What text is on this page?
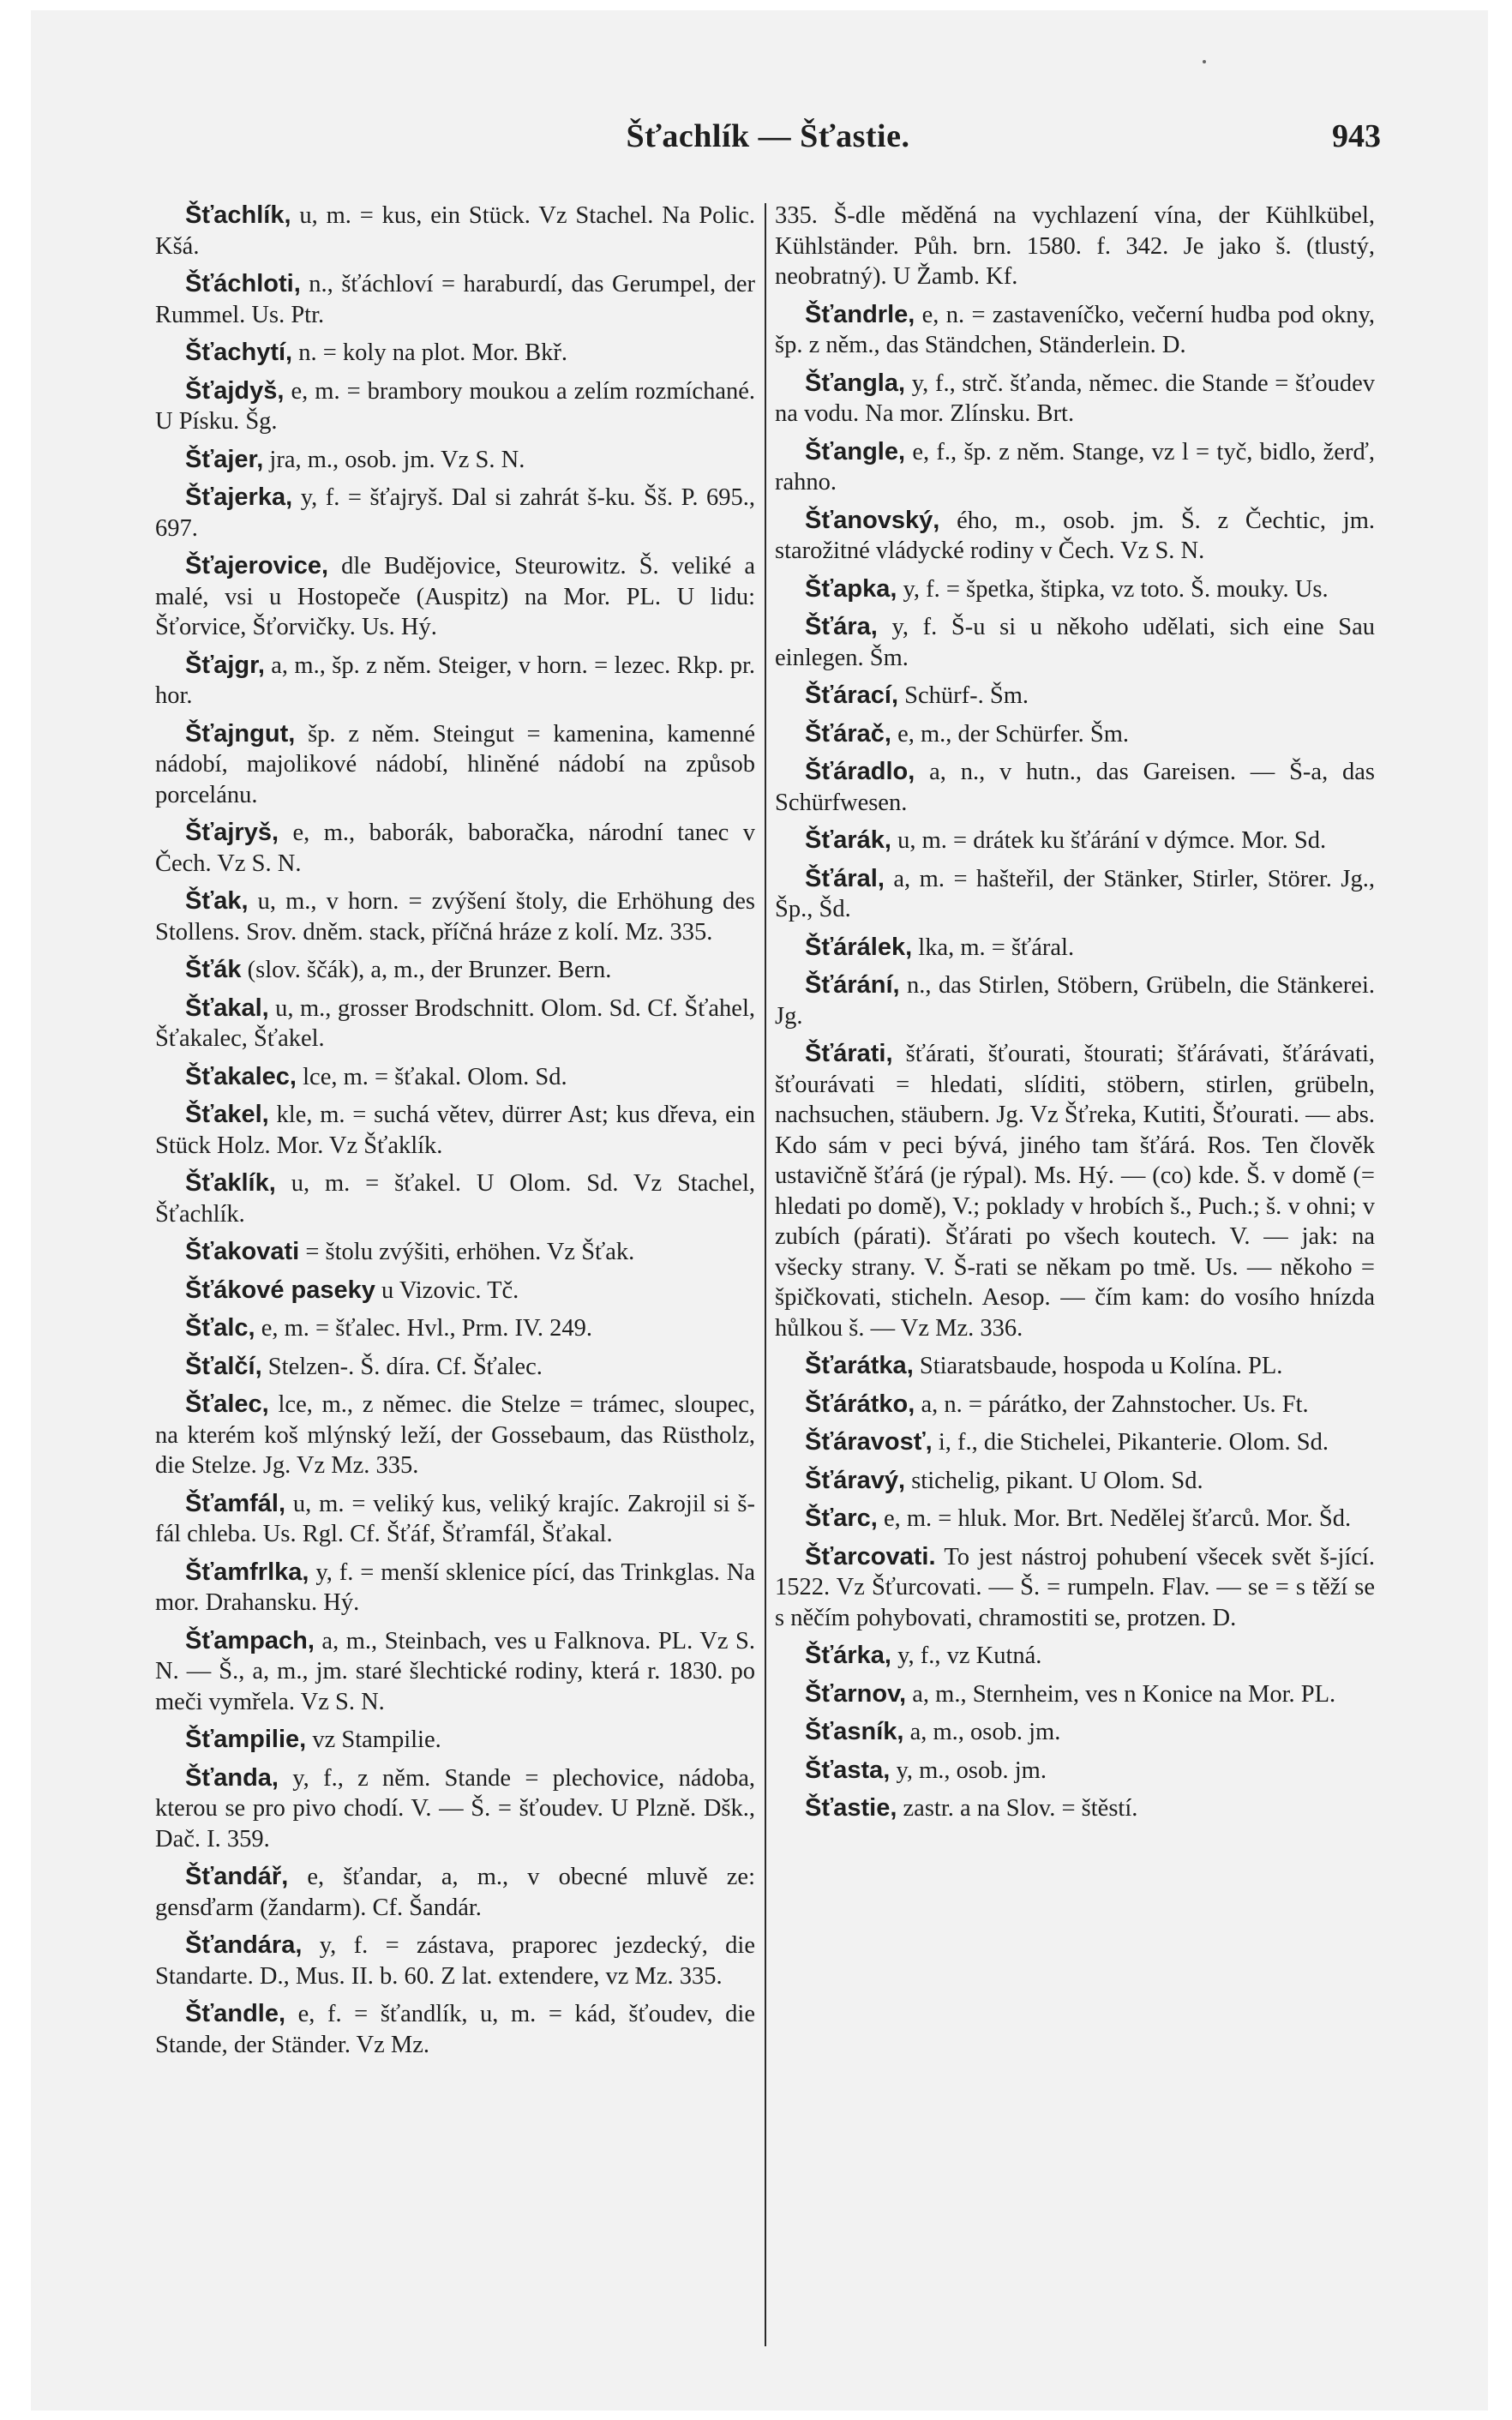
Šťachlík — Šťastie.	943

Šťachlík, u, m. = kus, ein Stück. Vz Stachel. Na Polic. Kšá.

Šťáchloti, n., šťáchloví = haraburdí, das Gerumpel, der Rummel. Us. Ptr.

Šťachytí, n. = koly na plot. Mor. Bkř.

Šťajdyš, e, m. = brambory moukou a zelím rozmíchané. U Písku. Šg.

Šťajer, jra, m., osob. jm. Vz S. N.

Šťajerka, y, f. = šťajryš. Dal si zahrát š-ku. Šš. P. 695., 697.

Šťajerovice, dle Budějovice, Steurowitz. Š. veliké a malé, vsi u Hostopeče (Auspitz) na Mor. PL. U lidu: Šťorvice, Šťorvičky. Us. Hý.

Šťajgr, a, m., šp. z něm. Steiger, v horn. = lezec. Rkp. pr. hor.

Šťajngut, šp. z něm. Steingut = kamenina, kamenné nádobí, majolikové nádobí, hliněné nádobí na způsob porcelánu.

Šťajryš, e, m., baborák, baboračka, národní tanec v Čech. Vz S. N.

Šťak, u, m., v horn. = zvýšení štoly, die Erhöhung des Stollens. Srov. dněm. stack, příčná hráze z kolí. Mz. 335.

Šťák (slov. ščák), a, m., der Brunzer. Bern.

Šťakal, u, m., grosser Brodschnitt. Olom. Sd. Cf. Šťahel, Šťakalec, Šťakel.

Šťakalec, lce, m. = šťakal. Olom. Sd.

Šťakel, kle, m. = suchá větev, dürrer Ast; kus dřeva, ein Stück Holz. Mor. Vz Šťaklík.

Šťaklík, u, m. = šťakel. U Olom. Sd. Vz Stachel, Šťachlík.

Šťakovati = štolu zvýšiti, erhöhen. Vz Šťak.

Šťákové paseky u Vizovic. Tč.

Šťalc, e, m. = šťalec. Hvl., Prm. IV. 249.

Šťalčí, Stelzen-. Š. díra. Cf. Šťalec.

Šťalec, lce, m., z němec. die Stelze = trámec, sloupec, na kterém koš mlýnský leží, der Gossebaum, das Rüstholz, die Stelze. Jg. Vz Mz. 335.

Šťamfál, u, m. = veliký kus, veliký krajíc. Zakrojil si š-fál chleba. Us. Rgl. Cf. Šťáf, Šťramfál, Šťakal.

Šťamfrlka, y, f. = menší sklenice pící, das Trinkglas. Na mor. Drahansku. Hý.

Šťampach, a, m., Steinbach, ves u Falknova. PL. Vz S. N. — Š., a, m., jm. staré šlechtické rodiny, která r. 1830. po meči vymřela. Vz S. N.

Šťampilie, vz Stampilie.

Šťanda, y, f., z něm. Stande = plechovice, nádoba, kterou se pro pivo chodí. V. — Š. = šťoudev. U Plzně. Dšk., Dač. I. 359.

Šťandář, e, šťandar, a, m., v obecné mluvě ze: gensďarm (žandarm). Cf. Šandár.

Šťandára, y, f. = zástava, praporec jezdecký, die Standarte. D., Mus. II. b. 60. Z lat. extendere, vz Mz. 335.

Šťandle, e, f. = šťandlík, u, m. = kád, šťoudev, die Stande, der Ständer. Vz Mz.

335. Š-dle měděná na vychlazení vína, der Kühlkübel, Kühlständer. Půh. brn. 1580. f. 342. Je jako š. (tlustý, neobratný). U Žamb. Kf.

Šťandrle, e, n. = zastaveníčko, večerní hudba pod okny, šp. z něm., das Ständchen, Ständerlein. D.

Šťangla, y, f., strč. šťanda, němec. die Stande = šťoudev na vodu. Na mor. Zlínsku. Brt.

Šťangle, e, f., šp. z něm. Stange, vz l = tyč, bidlo, žerď, rahno.

Šťanovský, ého, m., osob. jm. Š. z Čechtic, jm. starožitné vládycké rodiny v Čech. Vz S. N.

Šťapka, y, f. = špetka, štipka, vz toto. Š. mouky. Us.

Šťára, y, f. Š-u si u někoho udělati, sich eine Sau einlegen. Šm.

Šťárací, Schürf-. Šm.

Šťárač, e, m., der Schürfer. Šm.

Šťáradlo, a, n., v hutn., das Gareisen. — Š-a, das Schürfwesen.

Šťarák, u, m. = drátek ku šťárání v dýmce. Mor. Sd.

Šťáral, a, m. = hašteřil, der Stänker, Stirler, Störer. Jg., Šp., Šd.

Šťárálek, lka, m. = šťáral.

Šťárání, n., das Stirlen, Stöbern, Grübeln, die Stänkerei. Jg.

Šťárati, šťárati, šťourati, štourati; šťárávati, šťárávati, šťourávati = hledati, slíditi, stöbern, stirlen, grübeln, nachsuchen, stäubern. Jg. Vz Šťreka, Kutiti, Šťourati. — abs. Kdo sám v peci bývá, jiného tam šťárá. Ros. Ten člověk ustavičně šťárá (je rýpal). Ms. Hý. — (co) kde. Š. v domě (= hledati po domě), V.; poklady v hrobích š., Puch.; š. v ohni; v zubích (párati). Šťárati po všech koutech. V. — jak: na všecky strany. V. Š-rati se někam po tmě. Us. — někoho = špičkovati, sticheln. Aesop. — čím kam: do vosího hnízda hůlkou š. — Vz Mz. 336.

Šťarátka, Stiaratsbaude, hospoda u Kolína. PL.

Šťárátko, a, n. = párátko, der Zahnstocher. Us. Ft.

Šťáravosť, i, f., die Stichelei, Pikanterie. Olom. Sd.

Šťáravý, stichelig, pikant. U Olom. Sd.

Šťarc, e, m. = hluk. Mor. Brt. Nedělej šťarců. Mor. Šd.

Šťarcovati. To jest nástroj pohubení všecek svět š-jící. 1522. Vz Šťurcovati. — Š. = rumpeln. Flav. — se = s těží se s něčím pohybovati, chramostiti se, protzen. D.

Šťárka, y, f., vz Kutná.

Šťarnov, a, m., Sternheim, ves n Konice na Mor. PL.

Šťasník, a, m., osob. jm.

Šťasta, y, m., osob. jm.

Šťastie, zastr. a na Slov. = štěstí.
